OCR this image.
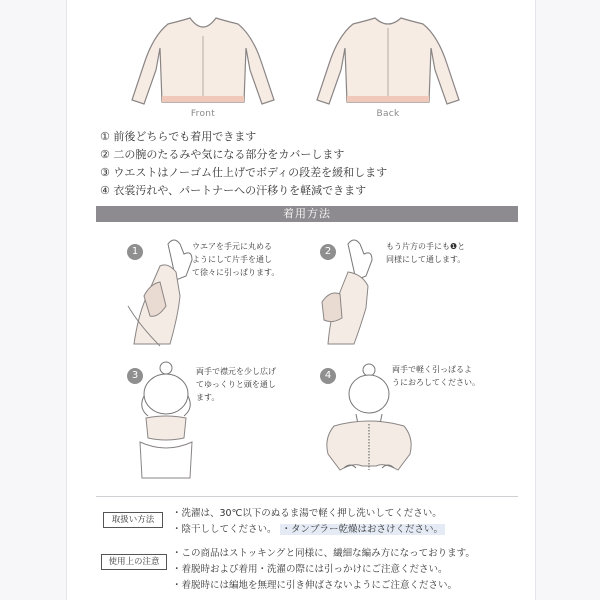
Front	Back
① 前後どちらでも着用できます
② 二の腕のたるみや気になる部分をカバーします
③ ウエストはノーゴム仕上げでボディの段差を緩和します
④ 衣裳汚れや、パートナーへの汗移りを軽減できます
着用方法
1	ウエアを手元に丸める
ようにして片手を通し
て徐々に引っぱります。
2	もう片方の手にも❶と
同様にして通します。
3	両手で襟元を少し広げ
てゆっくりと頭を通し
ます。
4
両手で軽く引っぱるよ
うにおろしてください。
取扱い方法
・洗濯は、30℃以下のぬるま湯で軽く押し洗いしてください。
・陰干ししてください。 ・タンブラー乾燥はおさけください。
使用上の注意
・この商品はストッキングと同様に、繊細な編み方になっております。
・着脱時および着用・洗濯の際には引っかけにご注意ください。
・着脱時には編地を無理に引き伸ばさないようにご注意ください。
